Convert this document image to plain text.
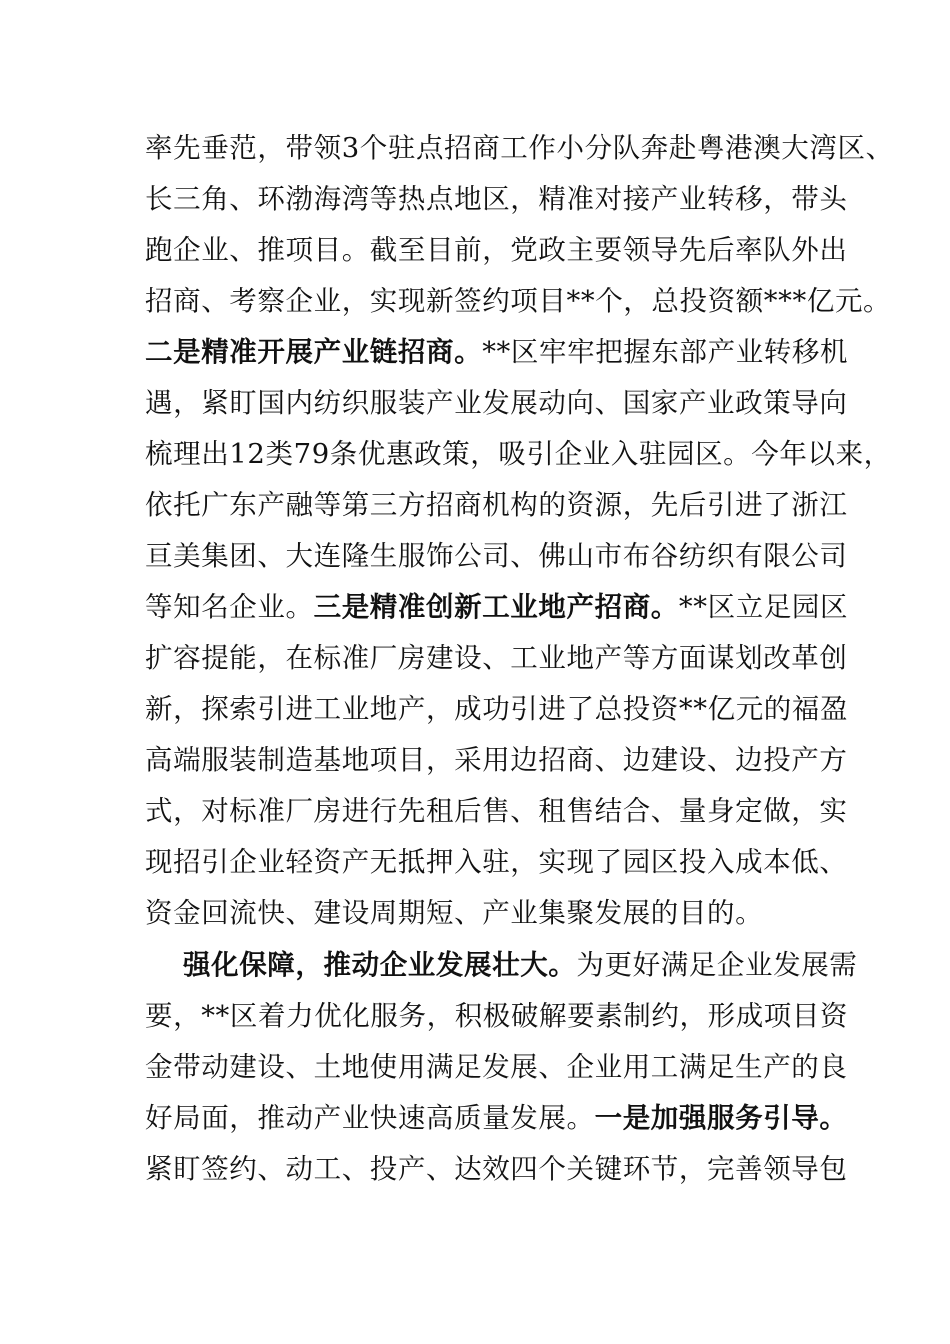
率先垂范，带领3个驻点招商工作小分队奔赴粤港澳大湾区、
长三角、环渤海湾等热点地区，精准对接产业转移，带头
跑企业、推项目。截至目前，党政主要领导先后率队外出
招商、考察企业，实现新签约项目**个，总投资额***亿元。
二是精准开展产业链招商。**区牢牢把握东部产业转移机
遇，紧盯国内纺织服装产业发展动向、国家产业政策导向
梳理出12类79条优惠政策，吸引企业入驻园区。今年以来，
依托广东产融等第三方招商机构的资源，先后引进了浙江
亘美集团、大连隆生服饰公司、佛山市布谷纺织有限公司
等知名企业。三是精准创新工业地产招商。**区立足园区
扩容提能，在标准厂房建设、工业地产等方面谋划改革创
新，探索引进工业地产，成功引进了总投资**亿元的福盈
高端服装制造基地项目，采用边招商、边建设、边投产方
式，对标准厂房进行先租后售、租售结合、量身定做，实
现招引企业轻资产无抵押入驻，实现了园区投入成本低、
资金回流快、建设周期短、产业集聚发展的目的。
强化保障，推动企业发展壮大。为更好满足企业发展需
要，**区着力优化服务，积极破解要素制约，形成项目资
金带动建设、土地使用满足发展、企业用工满足生产的良
好局面，推动产业快速高质量发展。一是加强服务引导。
紧盯签约、动工、投产、达效四个关键环节，完善领导包
